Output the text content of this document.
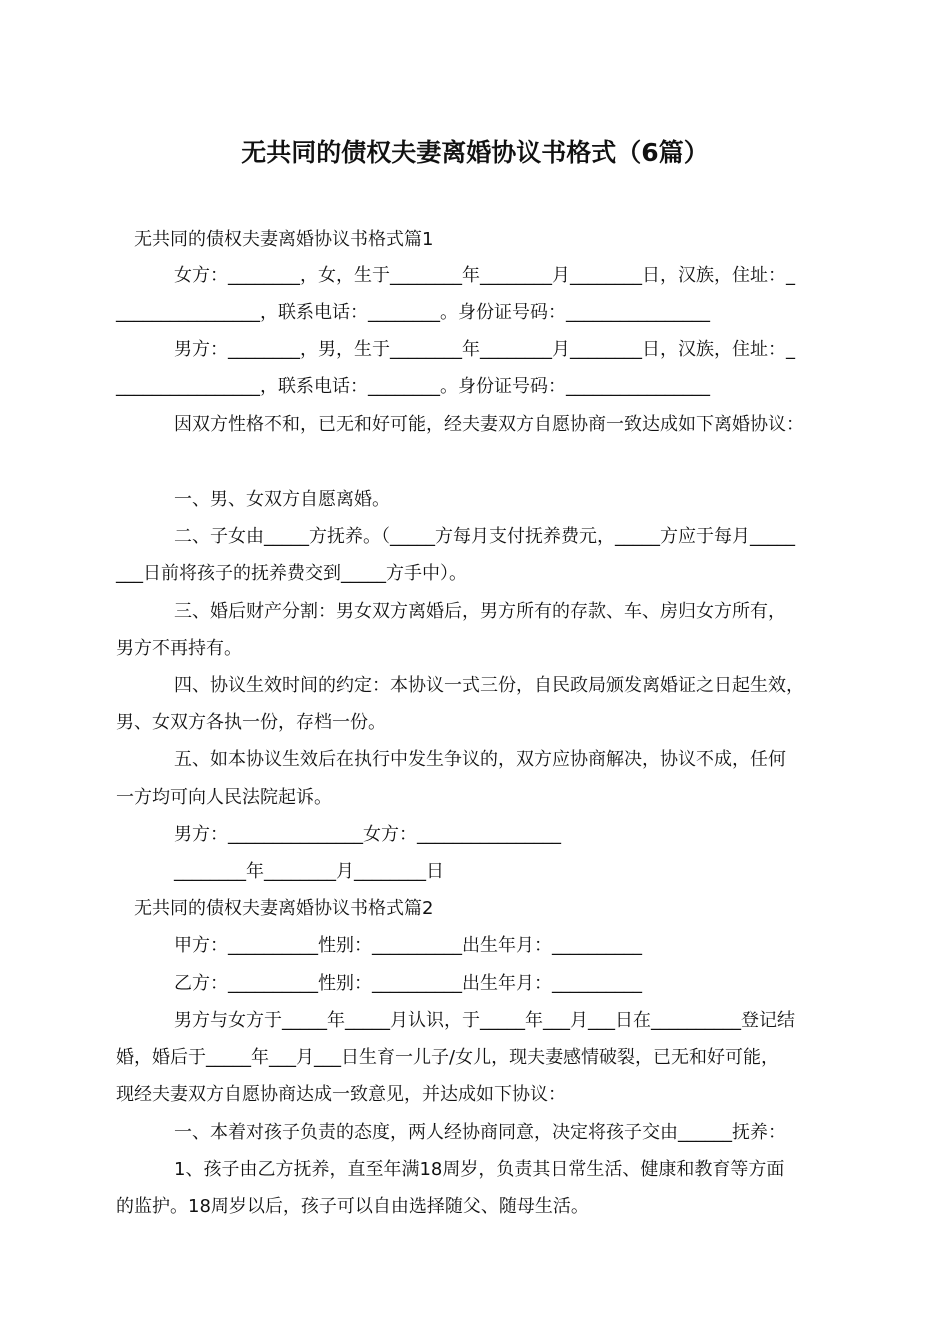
无共同的债权夫妻离婚协议书格式（6篇）
无共同的债权夫妻离婚协议书格式篇1
女方：________，女，生于________年________月________日，汉族，住址：_
________________，联系电话：________。身份证号码：________________
男方：________，男，生于________年________月________日，汉族，住址：_
________________，联系电话：________。身份证号码：________________
因双方性格不和，已无和好可能，经夫妻双方自愿协商一致达成如下离婚协议：
一、男、女双方自愿离婚。
二、子女由_____方抚养。（_____方每月支付抚养费元，_____方应于每月_____
___日前将孩子的抚养费交到_____方手中）。
三、婚后财产分割：男女双方离婚后，男方所有的存款、车、房归女方所有，
男方不再持有。
四、协议生效时间的约定：本协议一式三份，自民政局颁发离婚证之日起生效，
男、女双方各执一份，存档一份。
五、如本协议生效后在执行中发生争议的，双方应协商解决，协议不成，任何
一方均可向人民法院起诉。
男方：_______________女方：________________
________年________月________日
无共同的债权夫妻离婚协议书格式篇2
甲方：__________性别：__________出生年月：__________
乙方：__________性别：__________出生年月：__________
男方与女方于_____年_____月认识，于_____年___月___日在__________登记结
婚，婚后于_____年___月___日生育一儿子/女儿，现夫妻感情破裂，已无和好可能，
现经夫妻双方自愿协商达成一致意见，并达成如下协议：
一、本着对孩子负责的态度，两人经协商同意，决定将孩子交由______抚养：
1、孩子由乙方抚养，直至年满18周岁，负责其日常生活、健康和教育等方面
的监护。18周岁以后，孩子可以自由选择随父、随母生活。
